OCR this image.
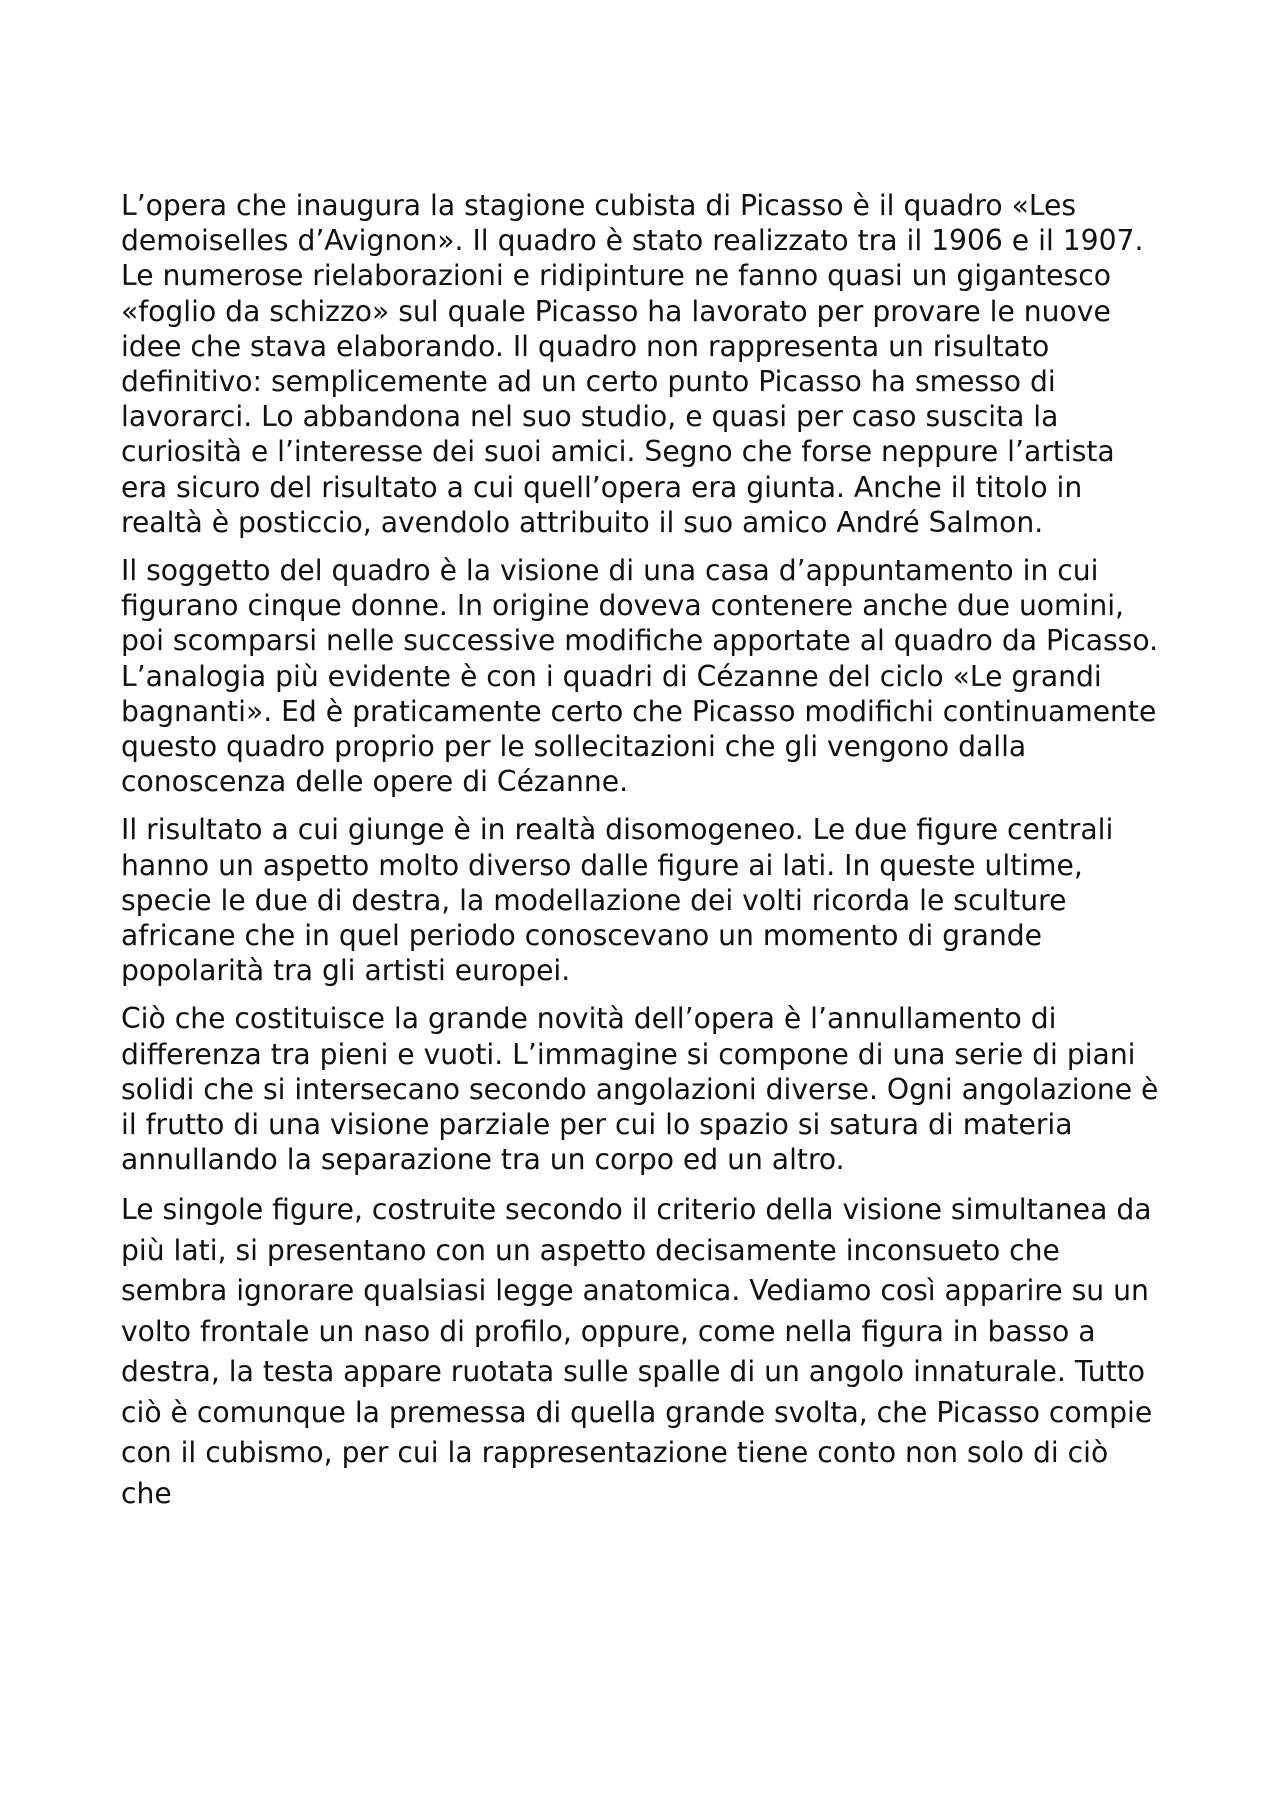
L’opera che inaugura la stagione cubista di Picasso è il quadro «Les demoiselles d’Avignon». Il quadro è stato realizzato tra il 1906 e il 1907. Le numerose rielaborazioni e ridipinture ne fanno quasi un gigantesco «foglio da schizzo» sul quale Picasso ha lavorato per provare le nuove idee che stava elaborando. Il quadro non rappresenta un risultato definitivo: semplicemente ad un certo punto Picasso ha smesso di lavorarci. Lo abbandona nel suo studio, e quasi per caso suscita la curiosità e l’interesse dei suoi amici. Segno che forse neppure l’artista era sicuro del risultato a cui quell’opera era giunta. Anche il titolo in realtà è posticcio, avendolo attribuito il suo amico André Salmon.

Il soggetto del quadro è la visione di una casa d’appuntamento in cui figurano cinque donne. In origine doveva contenere anche due uomini, poi scomparsi nelle successive modifiche apportate al quadro da Picasso. L’analogia più evidente è con i quadri di Cézanne del ciclo «Le grandi bagnanti». Ed è praticamente certo che Picasso modifichi continuamente questo quadro proprio per le sollecitazioni che gli vengono dalla conoscenza delle opere di Cézanne.

Il risultato a cui giunge è in realtà disomogeneo. Le due figure centrali hanno un aspetto molto diverso dalle figure ai lati. In queste ultime, specie le due di destra, la modellazione dei volti ricorda le sculture africane che in quel periodo conoscevano un momento di grande popolarità tra gli artisti europei.

Ciò che costituisce la grande novità dell’opera è l’annullamento di differenza tra pieni e vuoti. L’immagine si compone di una serie di piani solidi che si intersecano secondo angolazioni diverse. Ogni angolazione è il frutto di una visione parziale per cui lo spazio si satura di materia annullando la separazione tra un corpo ed un altro.

Le singole figure, costruite secondo il criterio della visione simultanea da più lati, si presentano con un aspetto decisamente inconsueto che sembra ignorare qualsiasi legge anatomica. Vediamo così apparire su un volto frontale un naso di profilo, oppure, come nella figura in basso a destra, la testa appare ruotata sulle spalle di un angolo innaturale. Tutto ciò è comunque la premessa di quella grande svolta, che Picasso compie con il cubismo, per cui la rappresentazione tiene conto non solo di ciò che
